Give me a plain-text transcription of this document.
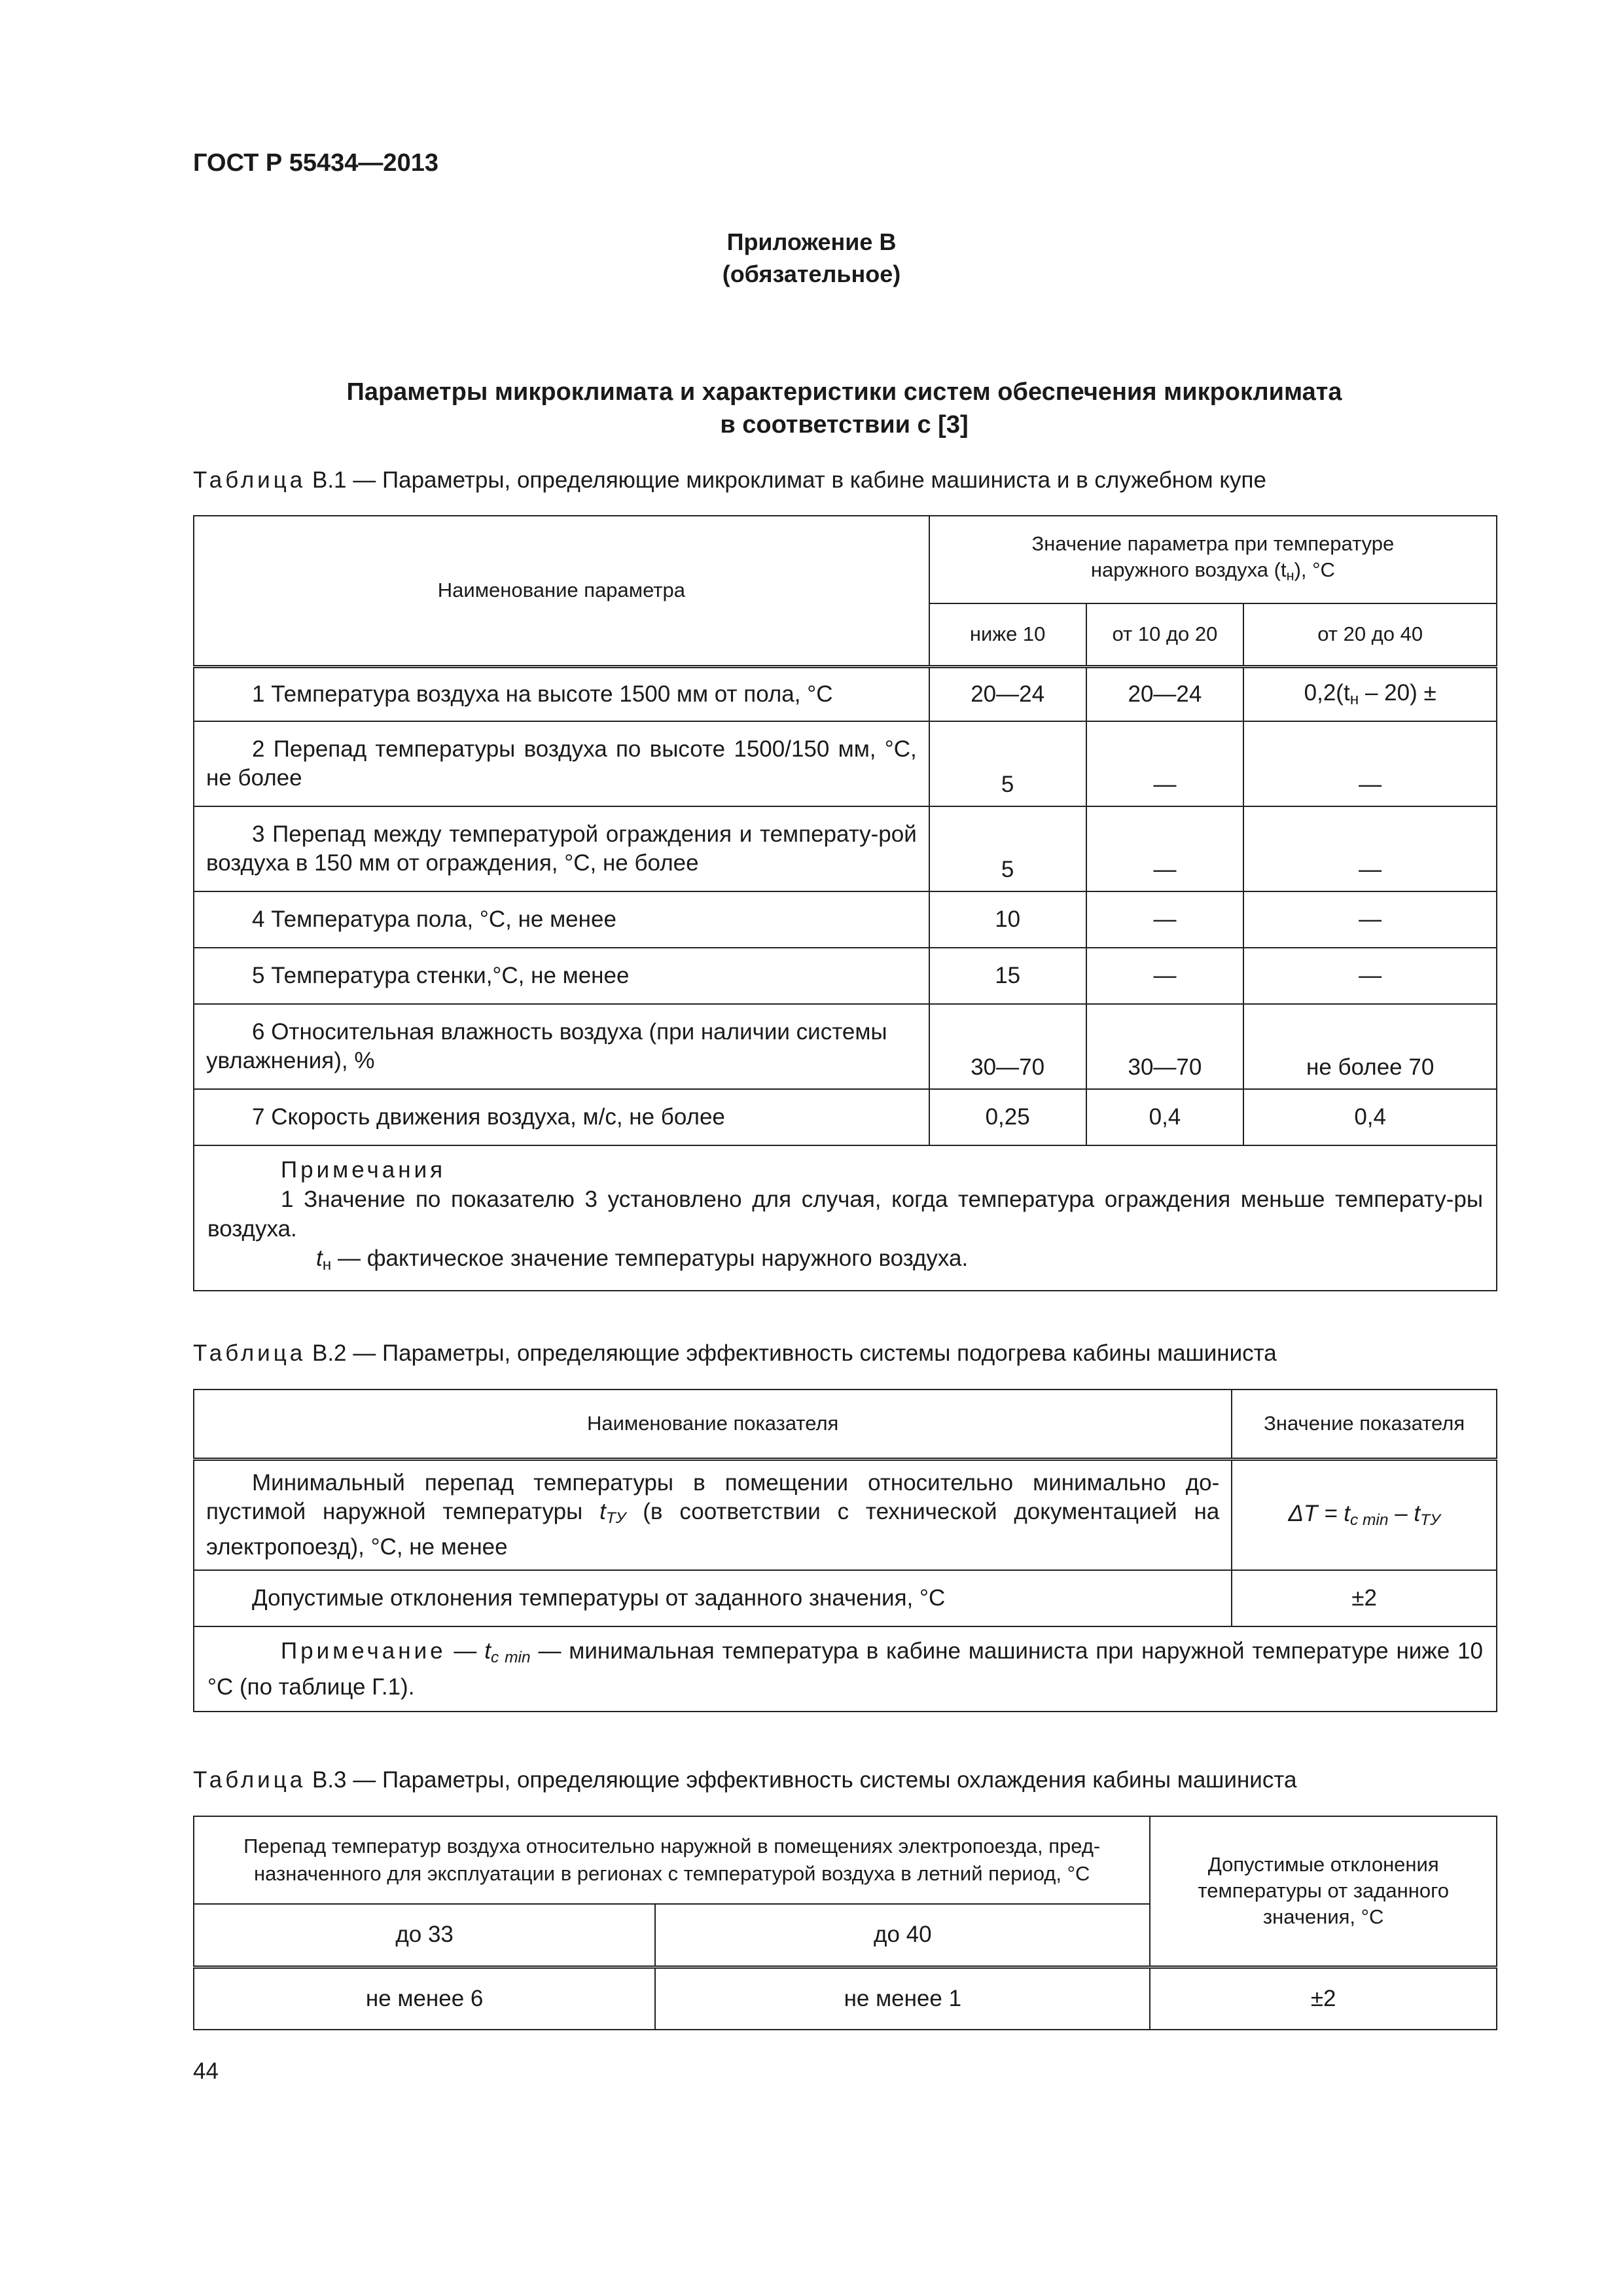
ГОСТ Р 55434—2013
Приложение В
(обязательное)
Параметры микроклимата и характеристики систем обеспечения микроклимата
в соответствии с [3]
Таблица В.1 — Параметры, определяющие микроклимат в кабине машиниста и в служебном купе
Наименование параметра	Значение параметра при температуре
наружного воздуха $(t_н)$, °С		

	ниже 10	от 10 до 20	от 20 до 40
1 Температура воздуха на высоте 1500 мм от пола, °С	20—24	20—24	$0,2(t_н - 20)$ ±
2 Перепад температуры воздуха по высоте 1500/150 мм, °С, не более	5	—	—
3 Перепад между температурой ограждения и температу-рой воздуха в 150 мм от ограждения, °С, не более	5	—	—
4 Температура пола, °С, не менее	10	—	—
5 Температура стенки,°С, не менее	15	—	—
6 Относительная влажность воздуха (при наличии системы увлажнения), %	30—70	30—70	не более 70
7 Скорость движения воздуха, м/с, не более	0,25	0,4	0,4

Примечания
1 Значение по показателю 3 установлено для случая, когда температура ограждения меньше температу-ры воздуха.
$t_н$ — фактическое значение температуры наружного воздуха.			
Таблица В.2 — Параметры, определяющие эффективность системы подогрева кабины машиниста
Наименование показателя	Значение показателя
Минимальный перепад температуры в помещении относительно минимально до-пустимой наружной температуры $t_{ТУ}$ (в соответствии с технической документацией на электропоезд), °С, не менее	$\Delta T = t_{c min} - t_{ТУ}$
Допустимые отклонения температуры от заданного значения, °С	±2
Примечание — $t_{c min}$ — минимальная температура в кабине машиниста при наружной температуре ниже 10 °С (по таблице Г.1).	
Таблица В.3 — Параметры, определяющие эффективность системы охлаждения кабины машиниста
Перепад температур воздуха относительно наружной в помещениях электропоезда, пред-назначенного для эксплуатации в регионах с температурой воздуха в летний период, °С		Допустимые отклонения температуры от заданного значения, °С
до 33	до 40	
не менее 6	не менее 1	±2
44
